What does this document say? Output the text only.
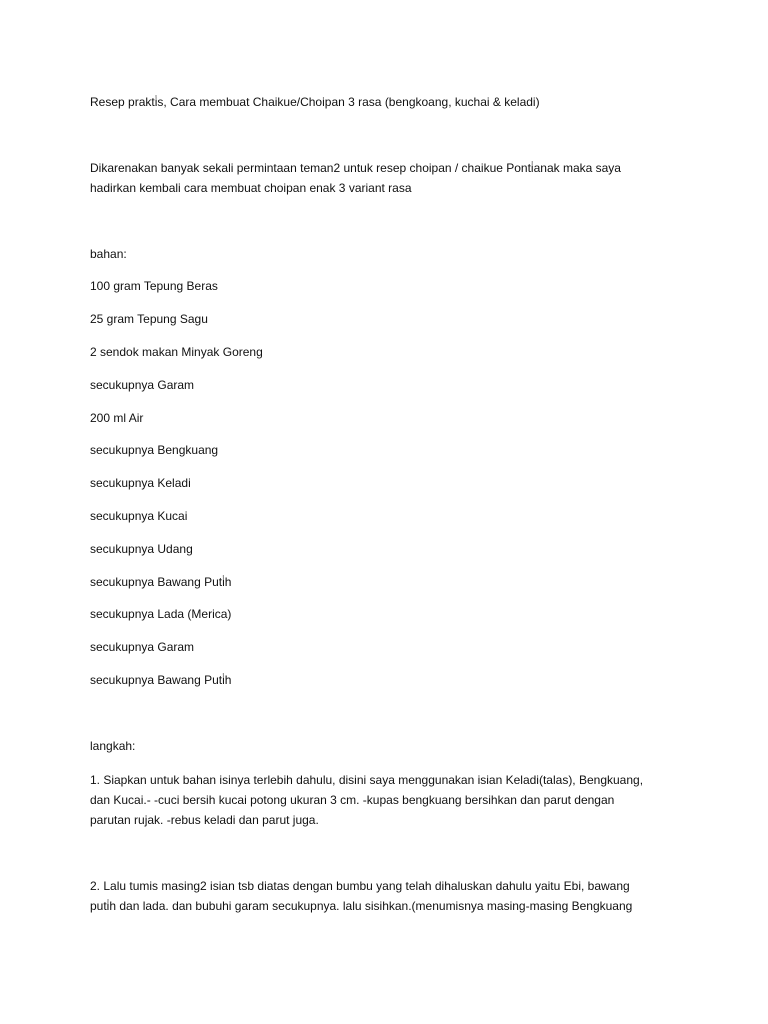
Resep prakti̇s, Cara membuat Chaikue/Choipan 3 rasa (bengkoang, kuchai & keladi)
Dikarenakan banyak sekali permintaan teman2 untuk resep choipan / chaikue Ponti̇anak maka saya
hadirkan kembali cara membuat choipan enak 3 variant rasa
bahan:
100 gram Tepung Beras
25 gram Tepung Sagu
2 sendok makan Minyak Goreng
secukupnya Garam
200 ml Air
secukupnya Bengkuang
secukupnya Keladi
secukupnya Kucai
secukupnya Udang
secukupnya Bawang Puti̇h
secukupnya Lada (Merica)
secukupnya Garam
secukupnya Bawang Puti̇h
langkah:
1. Siapkan untuk bahan isinya terlebih dahulu, disini saya menggunakan isian Keladi(talas), Bengkuang,
dan Kucai.- -cuci bersih kucai potong ukuran 3 cm. -kupas bengkuang bersihkan dan parut dengan
parutan rujak. -rebus keladi dan parut juga.
2. Lalu tumis masing2 isian tsb diatas dengan bumbu yang telah dihaluskan dahulu yaitu Ebi, bawang
puti̇h dan lada. dan bubuhi garam secukupnya. lalu sisihkan.(menumisnya masing-masing Bengkuang
